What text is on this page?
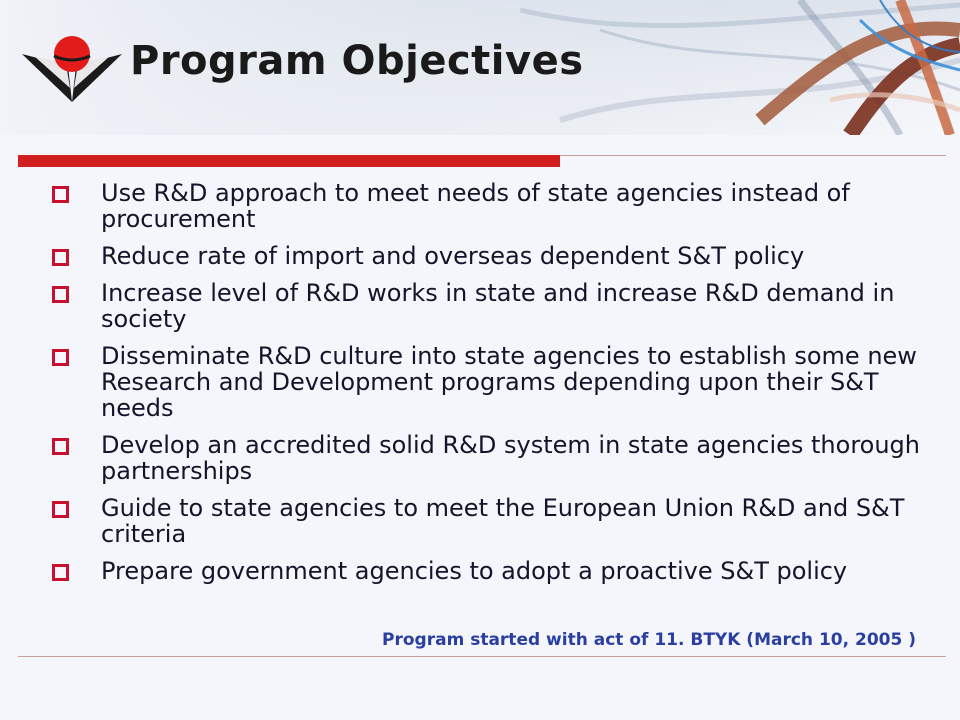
Program Objectives
Use R&D approach to meet needs of state agencies instead of procurement
Reduce rate of import and overseas dependent S&T policy
Increase level of R&D works in state and increase R&D demand in society
Disseminate R&D culture into state agencies to establish some new Research and Development programs depending upon their S&T needs
Develop an accredited solid R&D system in state agencies thorough partnerships
Guide to state agencies to meet the European Union R&D and S&T criteria
Prepare government agencies to adopt a proactive S&T policy

Program started with act of 11. BTYK (March 10, 2005 )
